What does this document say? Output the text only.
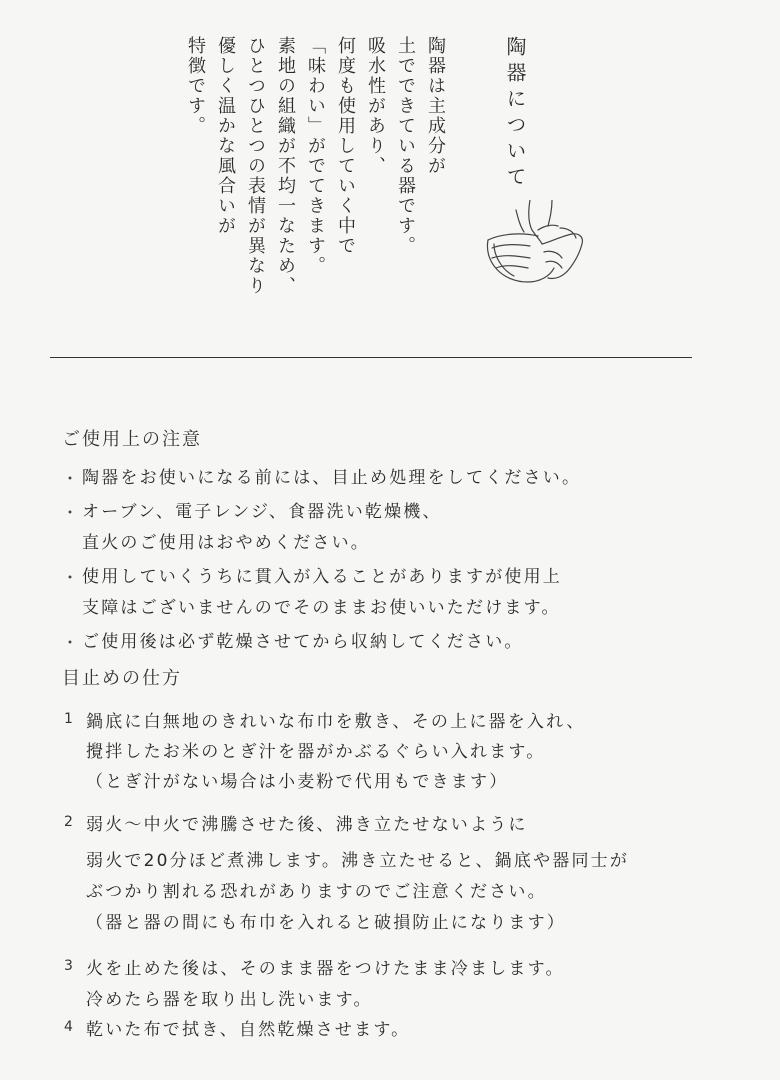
陶器について
陶器は主成分が
土でできている器です。
吸水性があり、
何度も使用していく中で
「味わい」がでてきます。
素地の組織が不均一なため、
ひとつひとつの表情が異なり
優しく温かな風合いが
特徴です。
ご使用上の注意
・ 陶器をお使いになる前には、目止め処理をしてください。
・ オーブン、電子レンジ、食器洗い乾燥機、
直火のご使用はおやめください。
・ 使用していくうちに貫入が入ることがありますが使用上
支障はございませんのでそのままお使いいただけます。
・ ご使用後は必ず乾燥させてから収納してください。
目止めの仕方
1 鍋底に白無地のきれいな布巾を敷き、その上に器を入れ、
攪拌したお米のとぎ汁を器がかぶるぐらい入れます。
（とぎ汁がない場合は小麦粉で代用もできます）
2 弱火～中火で沸騰させた後、沸き立たせないように
弱火で20分ほど煮沸します。沸き立たせると、鍋底や器同士が
ぶつかり割れる恐れがありますのでご注意ください。
（器と器の間にも布巾を入れると破損防止になります）
3 火を止めた後は、そのまま器をつけたまま冷まします。
冷めたら器を取り出し洗います。
4 乾いた布で拭き、自然乾燥させます。
